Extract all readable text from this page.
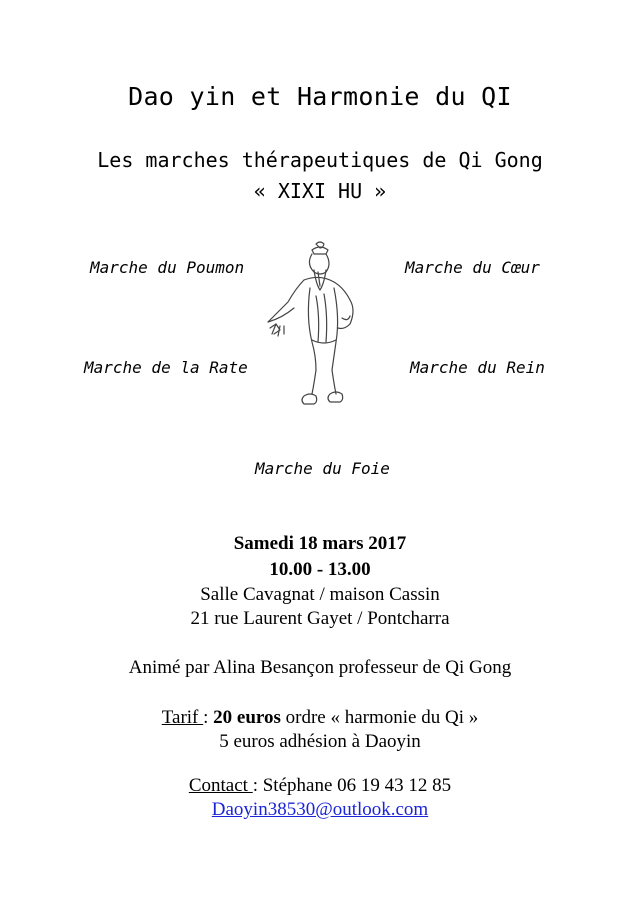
Dao yin et Harmonie du QI
Les marches thérapeutiques de Qi Gong
« XIXI HU »
Marche du Poumon	Marche du Cœur
Marche de la Rate	Marche du Rein
Marche du Foie
Samedi 18 mars 2017
10.00 - 13.00
Salle Cavagnat / maison Cassin
21 rue Laurent Gayet / Pontcharra
Animé par Alina Besançon professeur de Qi Gong
Tarif : 20 euros ordre « harmonie du Qi »
5 euros adhésion à Daoyin
Contact : Stéphane 06 19 43 12 85
Daoyin38530@outlook.com
